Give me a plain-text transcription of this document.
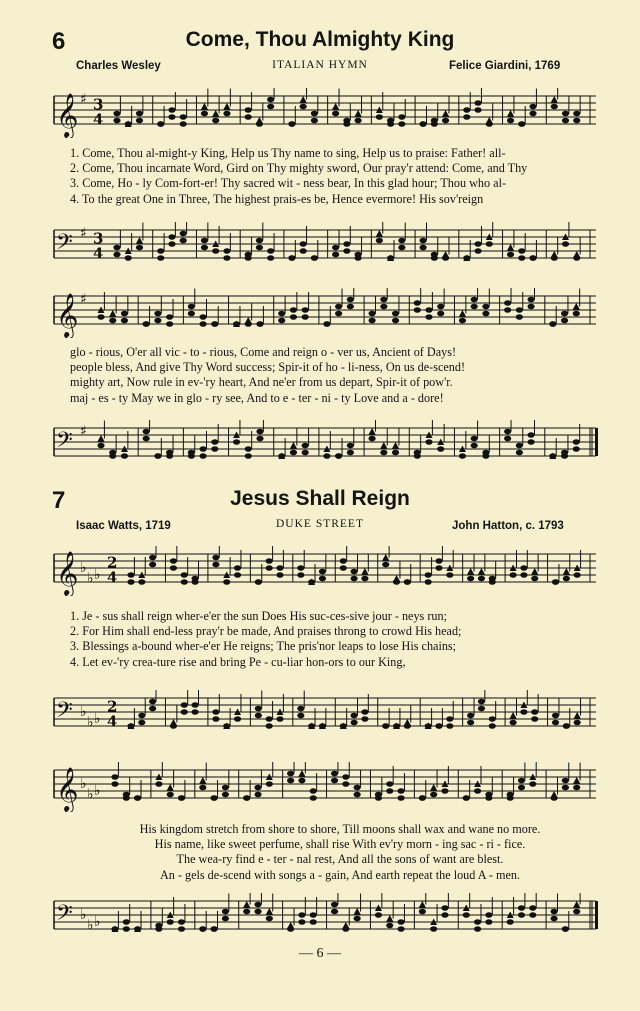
6	Come, Thou Almighty King
Charles Wesley	ITALIAN HYMN	Felice Giardini, 1769
𝄞 ♯ 3
4
1. Come, Thou al-might-y King, Help us Thy name to sing, Help us to praise: Father! all-
2. Come, Thou incarnate Word, Gird on Thy mighty sword, Our pray'r attend: Come, and Thy
3. Come, Ho - ly Com-fort-er! Thy sacred wit - ness bear, In this glad hour; Thou who al-
4. To the great One in Three, The highest prais-es be, Hence evermore! His sov'reign
𝄢 ♯ 3
4
𝄞 ♯
glo - rious, O'er all vic - to - rious, Come and reign o - ver us, Ancient of Days!
people bless, And give Thy Word success; Spir-it of ho - li-ness, On us de-scend!
mighty art, Now rule in ev-'ry heart, And ne'er from us depart, Spir-it of pow'r.
maj - es - ty May we in glo - ry see, And to e - ter - ni - ty Love and a - dore!
𝄢 ♯
7	Jesus Shall Reign
Isaac Watts, 1719	DUKE STREET	John Hatton, c. 1793
𝄞 ♭
♭ ♭
2
4
1. Je - sus shall reign wher-e'er the sun Does His suc-ces-sive jour - neys run;
2. For Him shall end-less pray'r be made, And praises throng to crowd His head;
3. Blessings a-bound wher-e'er He reigns; The pris'nor leaps to lose His chains;
4. Let ev-'ry crea-ture rise and bring Pe - cu-liar hon-ors to our King,
𝄢 ♭
♭ ♭
2
4
𝄞 ♭
♭ ♭
His kingdom stretch from shore to shore, Till moons shall wax and wane no more.
His name, like sweet perfume, shall rise With ev'ry morn - ing sac - ri - fice.
The wea-ry find e - ter - nal rest, And all the sons of want are blest.
An - gels de-scend with songs a - gain, And earth repeat the loud A - men.
𝄢 ♭
♭ ♭
— 6 —
